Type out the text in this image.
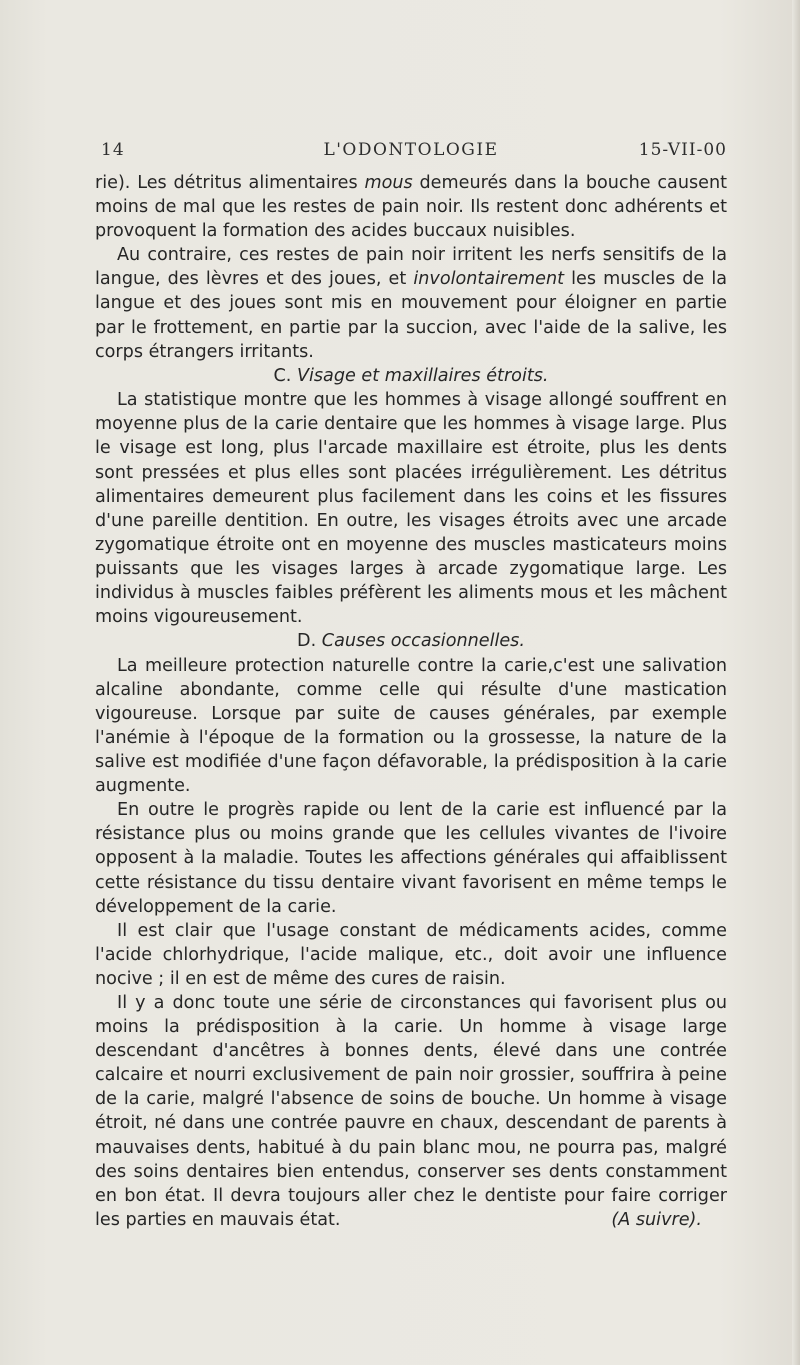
14	L'ODONTOLOGIE	15-VII-00

rie). Les détritus alimentaires mous demeurés dans la bouche causent moins de mal que les restes de pain noir. Ils restent donc adhérents et provoquent la formation des acides buccaux nuisibles.

Au contraire, ces restes de pain noir irritent les nerfs sensitifs de la langue, des lèvres et des joues, et involontairement les muscles de la langue et des joues sont mis en mouvement pour éloigner en partie par le frottement, en partie par la succion, avec l'aide de la salive, les corps étrangers irritants.

C. Visage et maxillaires étroits.

La statistique montre que les hommes à visage allongé souffrent en moyenne plus de la carie dentaire que les hommes à visage large. Plus le visage est long, plus l'arcade maxillaire est étroite, plus les dents sont pressées et plus elles sont placées irrégulièrement. Les détritus alimentaires demeurent plus facilement dans les coins et les fissures d'une pareille dentition. En outre, les visages étroits avec une arcade zygomatique étroite ont en moyenne des muscles masticateurs moins puissants que les visages larges à arcade zygomatique large. Les individus à muscles faibles préfèrent les aliments mous et les mâchent moins vigoureusement.

D. Causes occasionnelles.

La meilleure protection naturelle contre la carie,c'est une salivation alcaline abondante, comme celle qui résulte d'une mastication vigoureuse. Lorsque par suite de causes générales, par exemple l'anémie à l'époque de la formation ou la grossesse, la nature de la salive est modifiée d'une façon défavorable, la prédisposition à la carie augmente.

En outre le progrès rapide ou lent de la carie est influencé par la résistance plus ou moins grande que les cellules vivantes de l'ivoire opposent à la maladie. Toutes les affections générales qui affaiblissent cette résistance du tissu dentaire vivant favorisent en même temps le développement de la carie.

Il est clair que l'usage constant de médicaments acides, comme l'acide chlorhydrique, l'acide malique, etc., doit avoir une influence nocive ; il en est de même des cures de raisin.

Il y a donc toute une série de circonstances qui favorisent plus ou moins la prédisposition à la carie. Un homme à visage large descendant d'ancêtres à bonnes dents, élevé dans une contrée calcaire et nourri exclusivement de pain noir grossier, souffrira à peine de la carie, malgré l'absence de soins de bouche. Un homme à visage étroit, né dans une contrée pauvre en chaux, descendant de parents à mauvaises dents, habitué à du pain blanc mou, ne pourra pas, malgré des soins dentaires bien entendus, conserver ses dents constamment en bon état. Il devra toujours aller chez le dentiste pour faire corriger les parties en mauvais état.	(A suivre).
